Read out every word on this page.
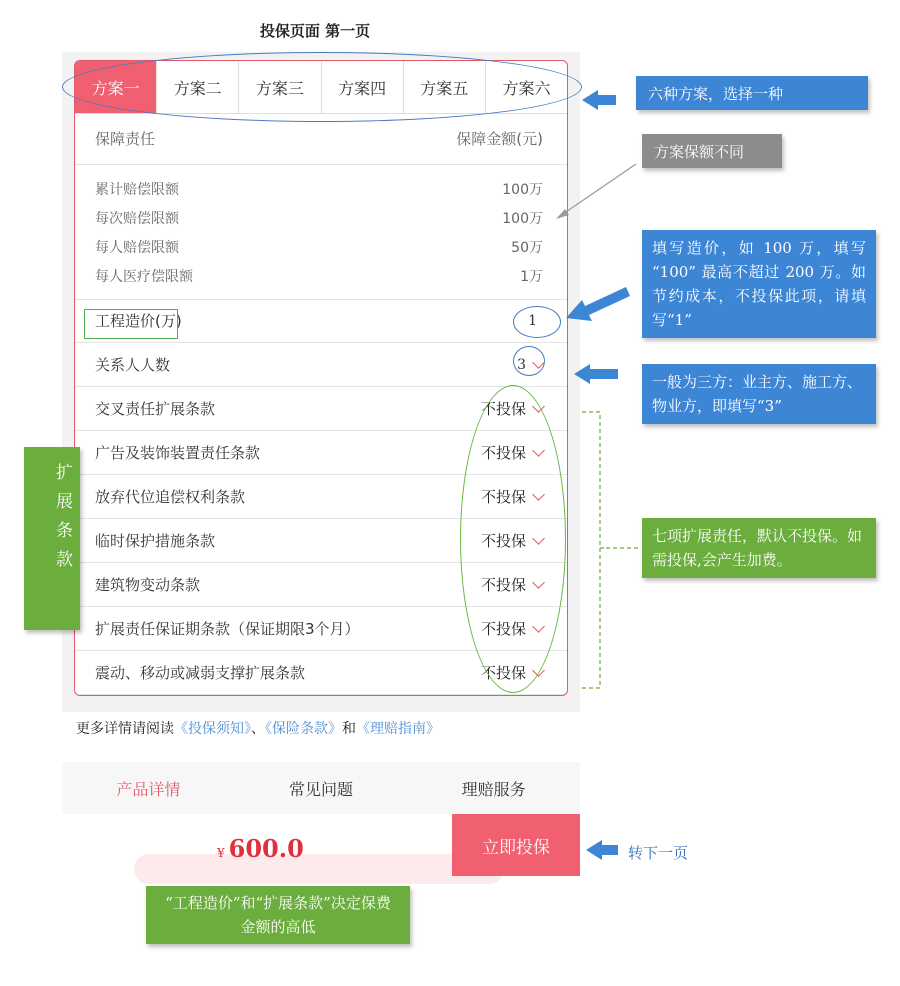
投保页面 第一页
方案一	方案二	方案三	方案四	方案五	方案六
保障责任	保障金额(元)
累计赔偿限额	100万
每次赔偿限额	100万
每人赔偿限额	50万
每人医疗偿限额	1万
工程造价(万)	1
关系人人数	3
交叉责任扩展条款	不投保
广告及装饰装置责任条款	不投保
放弃代位追偿权利条款	不投保
临时保护措施条款	不投保
建筑物变动条款	不投保
扩展责任保证期条款（保证期限3个月）	不投保
震动、移动或减弱支撑扩展条款	不投保
更多详情请阅读《投保须知》、《保险条款》和《理赔指南》
产品详情	常见问题	理赔服务
¥ 600.0	立即投保
六种方案，选择一种
方案保额不同
填写造价，如 100 万，填写 “100” 最高不超过 200 万。如节约成本，不投保此项，请填写“1”
一般为三方：业主方、施工方、物业方，即填写“3”
扩展条款	七项扩展责任，默认不投保。如需投保,会产生加费。
“工程造价”和“扩展条款”决定保费金额的高低
转下一页
